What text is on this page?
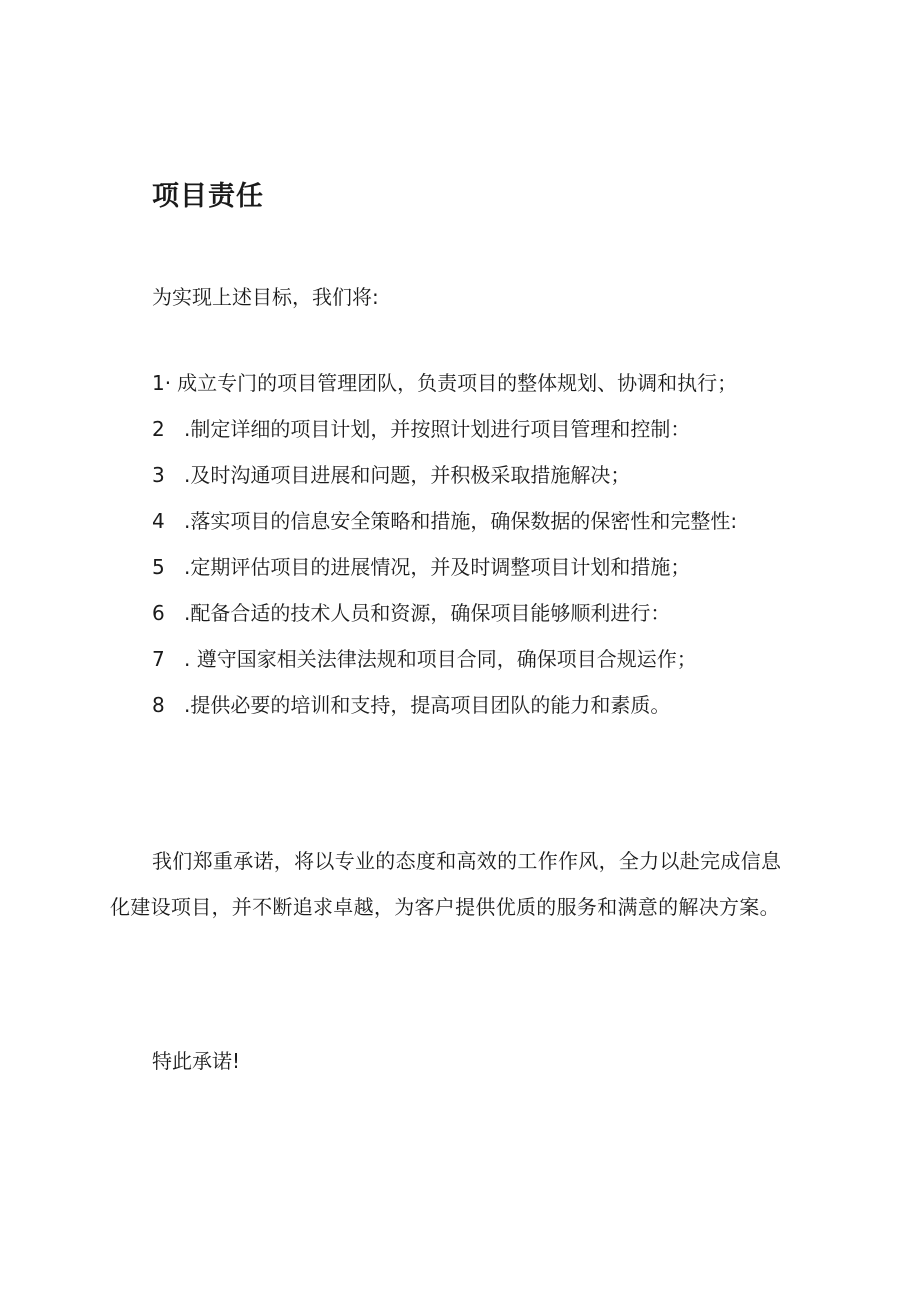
项目责任
为实现上述目标，我们将:
1· 成立专门的项目管理团队，负责项目的整体规划、协调和执行；
2 .制定详细的项目计划，并按照计划进行项目管理和控制：
3 .及时沟通项目进展和问题，并积极采取措施解决；
4 .落实项目的信息安全策略和措施，确保数据的保密性和完整性:
5 .定期评估项目的进展情况，并及时调整项目计划和措施；
6 .配备合适的技术人员和资源，确保项目能够顺利进行：
7 . 遵守国家相关法律法规和项目合同，确保项目合规运作；
8 .提供必要的培训和支持，提高项目团队的能力和素质。
我们郑重承诺，将以专业的态度和高效的工作作风，全力以赴完成信息化建设项目，并不断追求卓越，为客户提供优质的服务和满意的解决方案。
特此承诺!
